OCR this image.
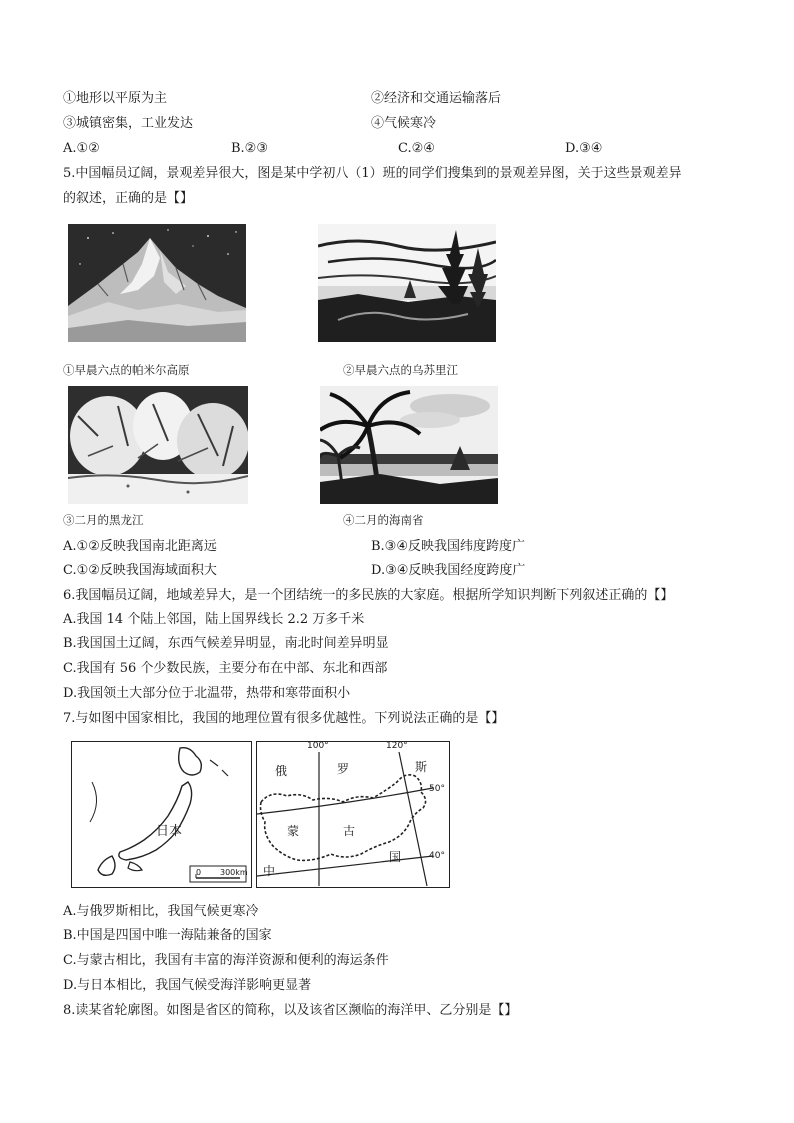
①地形以平原为主	②经济和交通运输落后
③城镇密集，工业发达	④气候寒冷
A.①②	B.②③	C.②④	D.③④
5.中国幅员辽阔，景观差异很大，图是某中学初八（1）班的同学们搜集到的景观差异图，关于这些景观差异
的叙述，正确的是【】
①早晨六点的帕米尔高原	②早晨六点的乌苏里江
③二月的黑龙江	④二月的海南省
A.①②反映我国南北距离远	B.③④反映我国纬度跨度广
C.①②反映我国海域面积大	D.③④反映我国经度跨度广
6.我国幅员辽阔，地域差异大，是一个团结统一的多民族的大家庭。根据所学知识判断下列叙述正确的【】
A.我国 14 个陆上邻国，陆上国界线长 2.2 万多千米
B.我国国土辽阔，东西气候差异明显，南北时间差异明显
C.我国有 56 个少数民族，主要分布在中部、东北和西部
D.我国领土大部分位于北温带，热带和寒带面积小
7.与如图中国家相比，我国的地理位置有很多优越性。下列说法正确的是【】
日本
0 300km
100°	120°
50°
40°
俄	罗	斯
蒙	古
国
中
A.与俄罗斯相比，我国气候更寒冷
B.中国是四国中唯一海陆兼备的国家
C.与蒙古相比，我国有丰富的海洋资源和便利的海运条件
D.与日本相比，我国气候受海洋影响更显著
8.读某省轮廓图。如图是省区的简称，以及该省区濒临的海洋甲、乙分别是【】
